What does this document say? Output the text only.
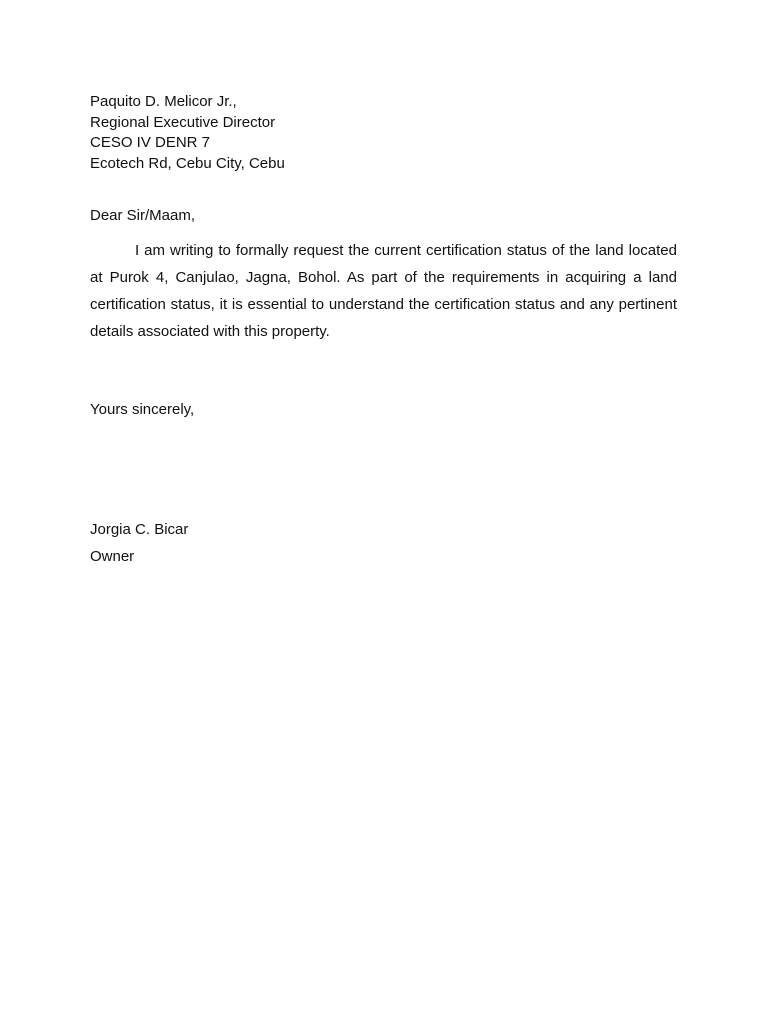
Paquito D. Melicor Jr.,
Regional Executive Director
CESO IV DENR 7
Ecotech Rd, Cebu City, Cebu
Dear Sir/Maam,

I am writing to formally request the current certification status of the land located at Purok 4, Canjulao, Jagna, Bohol. As part of the requirements in acquiring a land certification status, it is essential to understand the certification status and any pertinent details associated with this property.

Yours sincerely,
Jorgia C. Bicar
Owner
